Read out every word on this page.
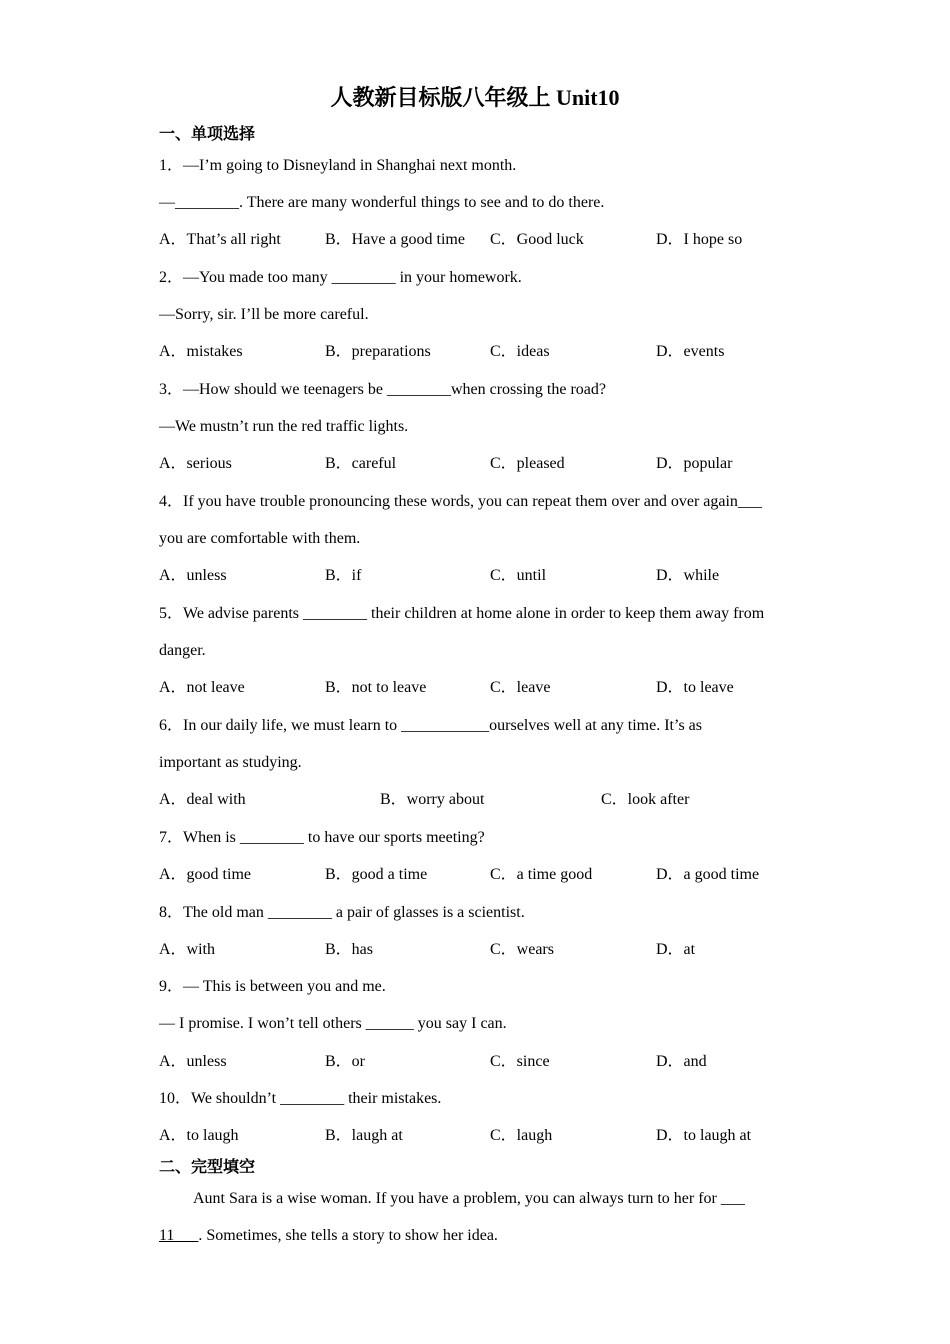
人教新目标版八年级上 Unit10
一、单项选择
1．—I’m going to Disneyland in Shanghai next month.
—________. There are many wonderful things to see and to do there.
A．That’s all right	B．Have a good time C．Good luck	D．I hope so
2．—You made too many ________ in your homework.
—Sorry, sir. I’ll be more careful.
A．mistakes	B．preparations	C．ideas	D．events
3．—How should we teenagers be ________when crossing the road?
—We mustn’t run the red traffic lights.
A．serious	B．careful	C．pleased	D．popular
4．If you have trouble pronouncing these words, you can repeat them over and over again___
you are comfortable with them.
A．unless	B．if	C．until	D．while
5．We advise parents ________ their children at home alone in order to keep them away from
danger.
A．not leave	B．not to leave	C．leave	D．to leave
6．In our daily life, we must learn to ___________ourselves well at any time. It’s as
important as studying.
A．deal with	B．worry about	C．look after
7．When is ________ to have our sports meeting?
A．good time	B．good a time	C．a time good	D．a good time
8．The old man ________ a pair of glasses is a scientist.
A．with	B．has	C．wears	D．at
9．— This is between you and me.
— I promise. I won’t tell others ______ you say I can.
A．unless	B．or	C．since	D．and
10．We shouldn’t ________ their mistakes.
A．to laugh	B．laugh at	C．laugh	D．to laugh at
二、完型填空
Aunt Sara is a wise woman. If you have a problem, you can always turn to her for ___
11___. Sometimes, she tells a story to show her idea.
